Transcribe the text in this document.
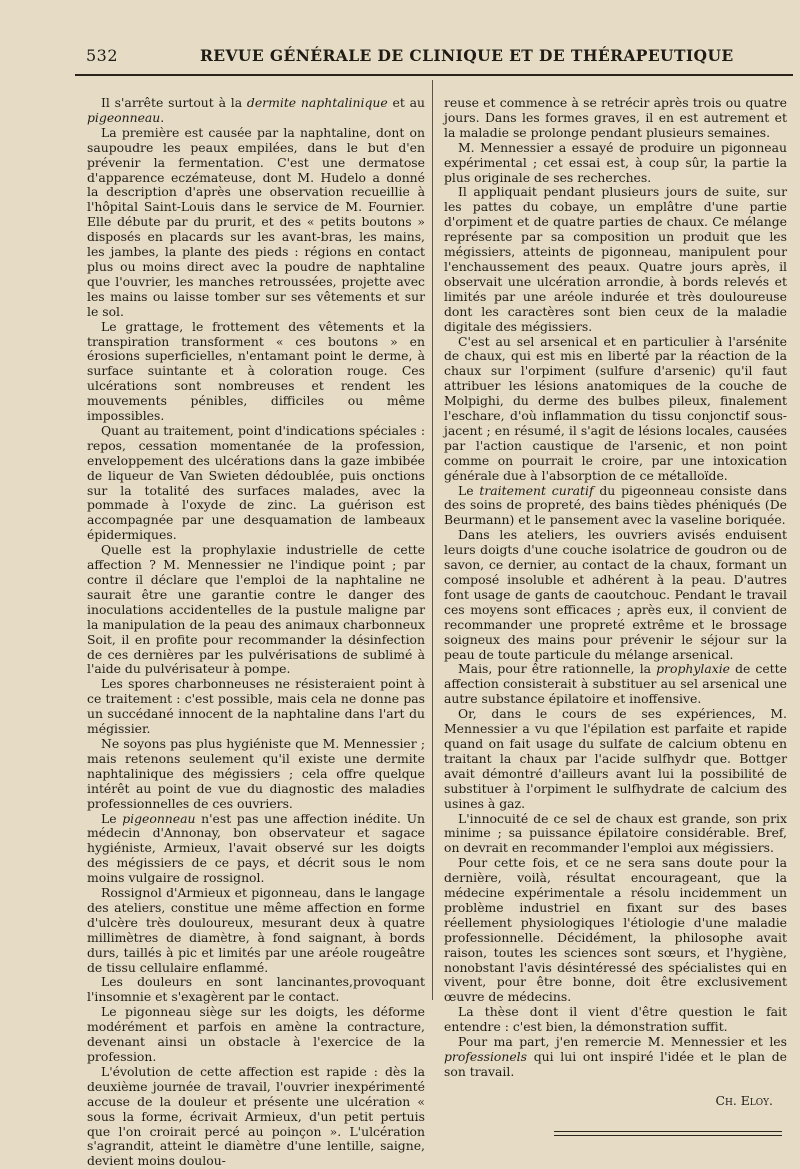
532	REVUE GÉNÉRALE DE CLINIQUE ET DE THÉRAPEUTIQUE

Il s'arrête surtout à la dermite naphtalinique et au pigeonneau.

La première est causée par la naphtaline, dont on saupoudre les peaux empilées, dans le but d'en prévenir la fermentation. C'est une dermatose d'apparence eczémateuse, dont M. Hudelo a donné la description d'après une observation recueillie à l'hôpital Saint-Louis dans le service de M. Fournier. Elle débute par du prurit, et des « petits boutons » disposés en placards sur les avant-bras, les mains, les jambes, la plante des pieds : régions en contact plus ou moins direct avec la poudre de naphtaline que l'ouvrier, les manches retroussées, projette avec les mains ou laisse tomber sur ses vêtements et sur le sol.

Le grattage, le frottement des vêtements et la transpiration transforment « ces boutons » en érosions superficielles, n'entamant point le derme, à surface suintante et à coloration rouge. Ces ulcérations sont nombreuses et rendent les mouvements pénibles, difficiles ou même impossibles.

Quant au traitement, point d'indications spéciales : repos, cessation momentanée de la profession, enveloppement des ulcérations dans la gaze imbibée de liqueur de Van Swieten dédoublée, puis onctions sur la totalité des surfaces malades, avec la pommade à l'oxyde de zinc. La guérison est accompagnée par une desquamation de lambeaux épidermiques.

Quelle est la prophylaxie industrielle de cette affection ? M. Mennessier ne l'indique point ; par contre il déclare que l'emploi de la naphtaline ne saurait être une garantie contre le danger des inoculations accidentelles de la pustule maligne par la manipulation de la peau des animaux charbonneux Soit, il en profite pour recommander la désinfection de ces dernières par les pulvérisations de sublimé à l'aide du pulvérisateur à pompe.

Les spores charbonneuses ne résisteraient point à ce traitement : c'est possible, mais cela ne donne pas un succédané innocent de la naphtaline dans l'art du mégissier.

Ne soyons pas plus hygiéniste que M. Mennessier ; mais retenons seulement qu'il existe une dermite naphtalinique des mégissiers ; cela offre quelque intérêt au point de vue du diagnostic des maladies professionnelles de ces ouvriers.

Le pigeonneau n'est pas une affection inédite. Un médecin d'Annonay, bon observateur et sagace hygiéniste, Armieux, l'avait observé sur les doigts des mégissiers de ce pays, et décrit sous le nom moins vulgaire de rossignol.

Rossignol d'Armieux et pigonneau, dans le langage des ateliers, constitue une même affection en forme d'ulcère très douloureux, mesurant deux à quatre millimètres de diamètre, à fond saignant, à bords durs, taillés à pic et limités par une aréole rougeâtre de tissu cellulaire enflammé.

Les douleurs en sont lancinantes,provoquant l'insomnie et s'exagèrent par le contact.

Le pigonneau siège sur les doigts, les déforme modérément et parfois en amène la contracture, devenant ainsi un obstacle à l'exercice de la profession.

L'évolution de cette affection est rapide : dès la deuxième journée de travail, l'ouvrier inexpérimenté accuse de la douleur et présente une ulcération « sous la forme, écrivait Armieux, d'un petit pertuis que l'on croirait percé au poinçon ». L'ulcération s'agrandit, atteint le diamètre d'une lentille, saigne, devient moins doulou-

reuse et commence à se retrécir après trois ou quatre jours. Dans les formes graves, il en est autrement et la maladie se prolonge pendant plusieurs semaines.

M. Mennessier a essayé de produire un pigonneau expérimental ; cet essai est, à coup sûr, la partie la plus originale de ses recherches.

Il appliquait pendant plusieurs jours de suite, sur les pattes du cobaye, un emplâtre d'une partie d'orpiment et de quatre parties de chaux. Ce mélange représente par sa composition un produit que les mégissiers, atteints de pigonneau, manipulent pour l'enchaussement des peaux. Quatre jours après, il observait une ulcération arrondie, à bords relevés et limités par une aréole indurée et très douloureuse dont les caractères sont bien ceux de la maladie digitale des mégissiers.

C'est au sel arsenical et en particulier à l'arsénite de chaux, qui est mis en liberté par la réaction de la chaux sur l'orpiment (sulfure d'arsenic) qu'il faut attribuer les lésions anatomiques de la couche de Molpighi, du derme des bulbes pileux, finalement l'eschare, d'où inflammation du tissu conjonctif sous-jacent ; en résumé, il s'agit de lésions locales, causées par l'action caustique de l'arsenic, et non point comme on pourrait le croire, par une intoxication générale due à l'absorption de ce métalloïde.

Le traitement curatif du pigeonneau consiste dans des soins de propreté, des bains tièdes phéniqués (De Beurmann) et le pansement avec la vaseline boriquée.

Dans les ateliers, les ouvriers avisés enduisent leurs doigts d'une couche isolatrice de goudron ou de savon, ce dernier, au contact de la chaux, formant un composé insoluble et adhérent à la peau. D'autres font usage de gants de caoutchouc. Pendant le travail ces moyens sont efficaces ; après eux, il convient de recommander une propreté extrême et le brossage soigneux des mains pour prévenir le séjour sur la peau de toute particule du mélange arsenical.

Mais, pour être rationnelle, la prophylaxie de cette affection consisterait à substituer au sel arsenical une autre substance épilatoire et inoffensive.

Or, dans le cours de ses expériences, M. Mennessier a vu que l'épilation est parfaite et rapide quand on fait usage du sulfate de calcium obtenu en traitant la chaux par l'acide sulfhydr que. Bottger avait démontré d'ailleurs avant lui la possibilité de substituer à l'orpiment le sulfhydrate de calcium des usines à gaz.

L'innocuité de ce sel de chaux est grande, son prix minime ; sa puissance épilatoire considérable. Bref, on devrait en recommander l'emploi aux mégissiers.

Pour cette fois, et ce ne sera sans doute pour la dernière, voilà, résultat encourageant, que la médecine expérimentale a résolu incidemment un problème industriel en fixant sur des bases réellement physiologiques l'étiologie d'une maladie professionnelle. Décidément, la philosophe avait raison, toutes les sciences sont sœurs, et l'hygiène, nonobstant l'avis désintéressé des spécialistes qui en vivent, pour être bonne, doit être exclusivement œuvre de médecins.

La thèse dont il vient d'être question le fait entendre : c'est bien, la démonstration suffit.

Pour ma part, j'en remercie M. Mennessier et les professionels qui lui ont inspiré l'idée et le plan de son travail.

Ch. Eloy.
